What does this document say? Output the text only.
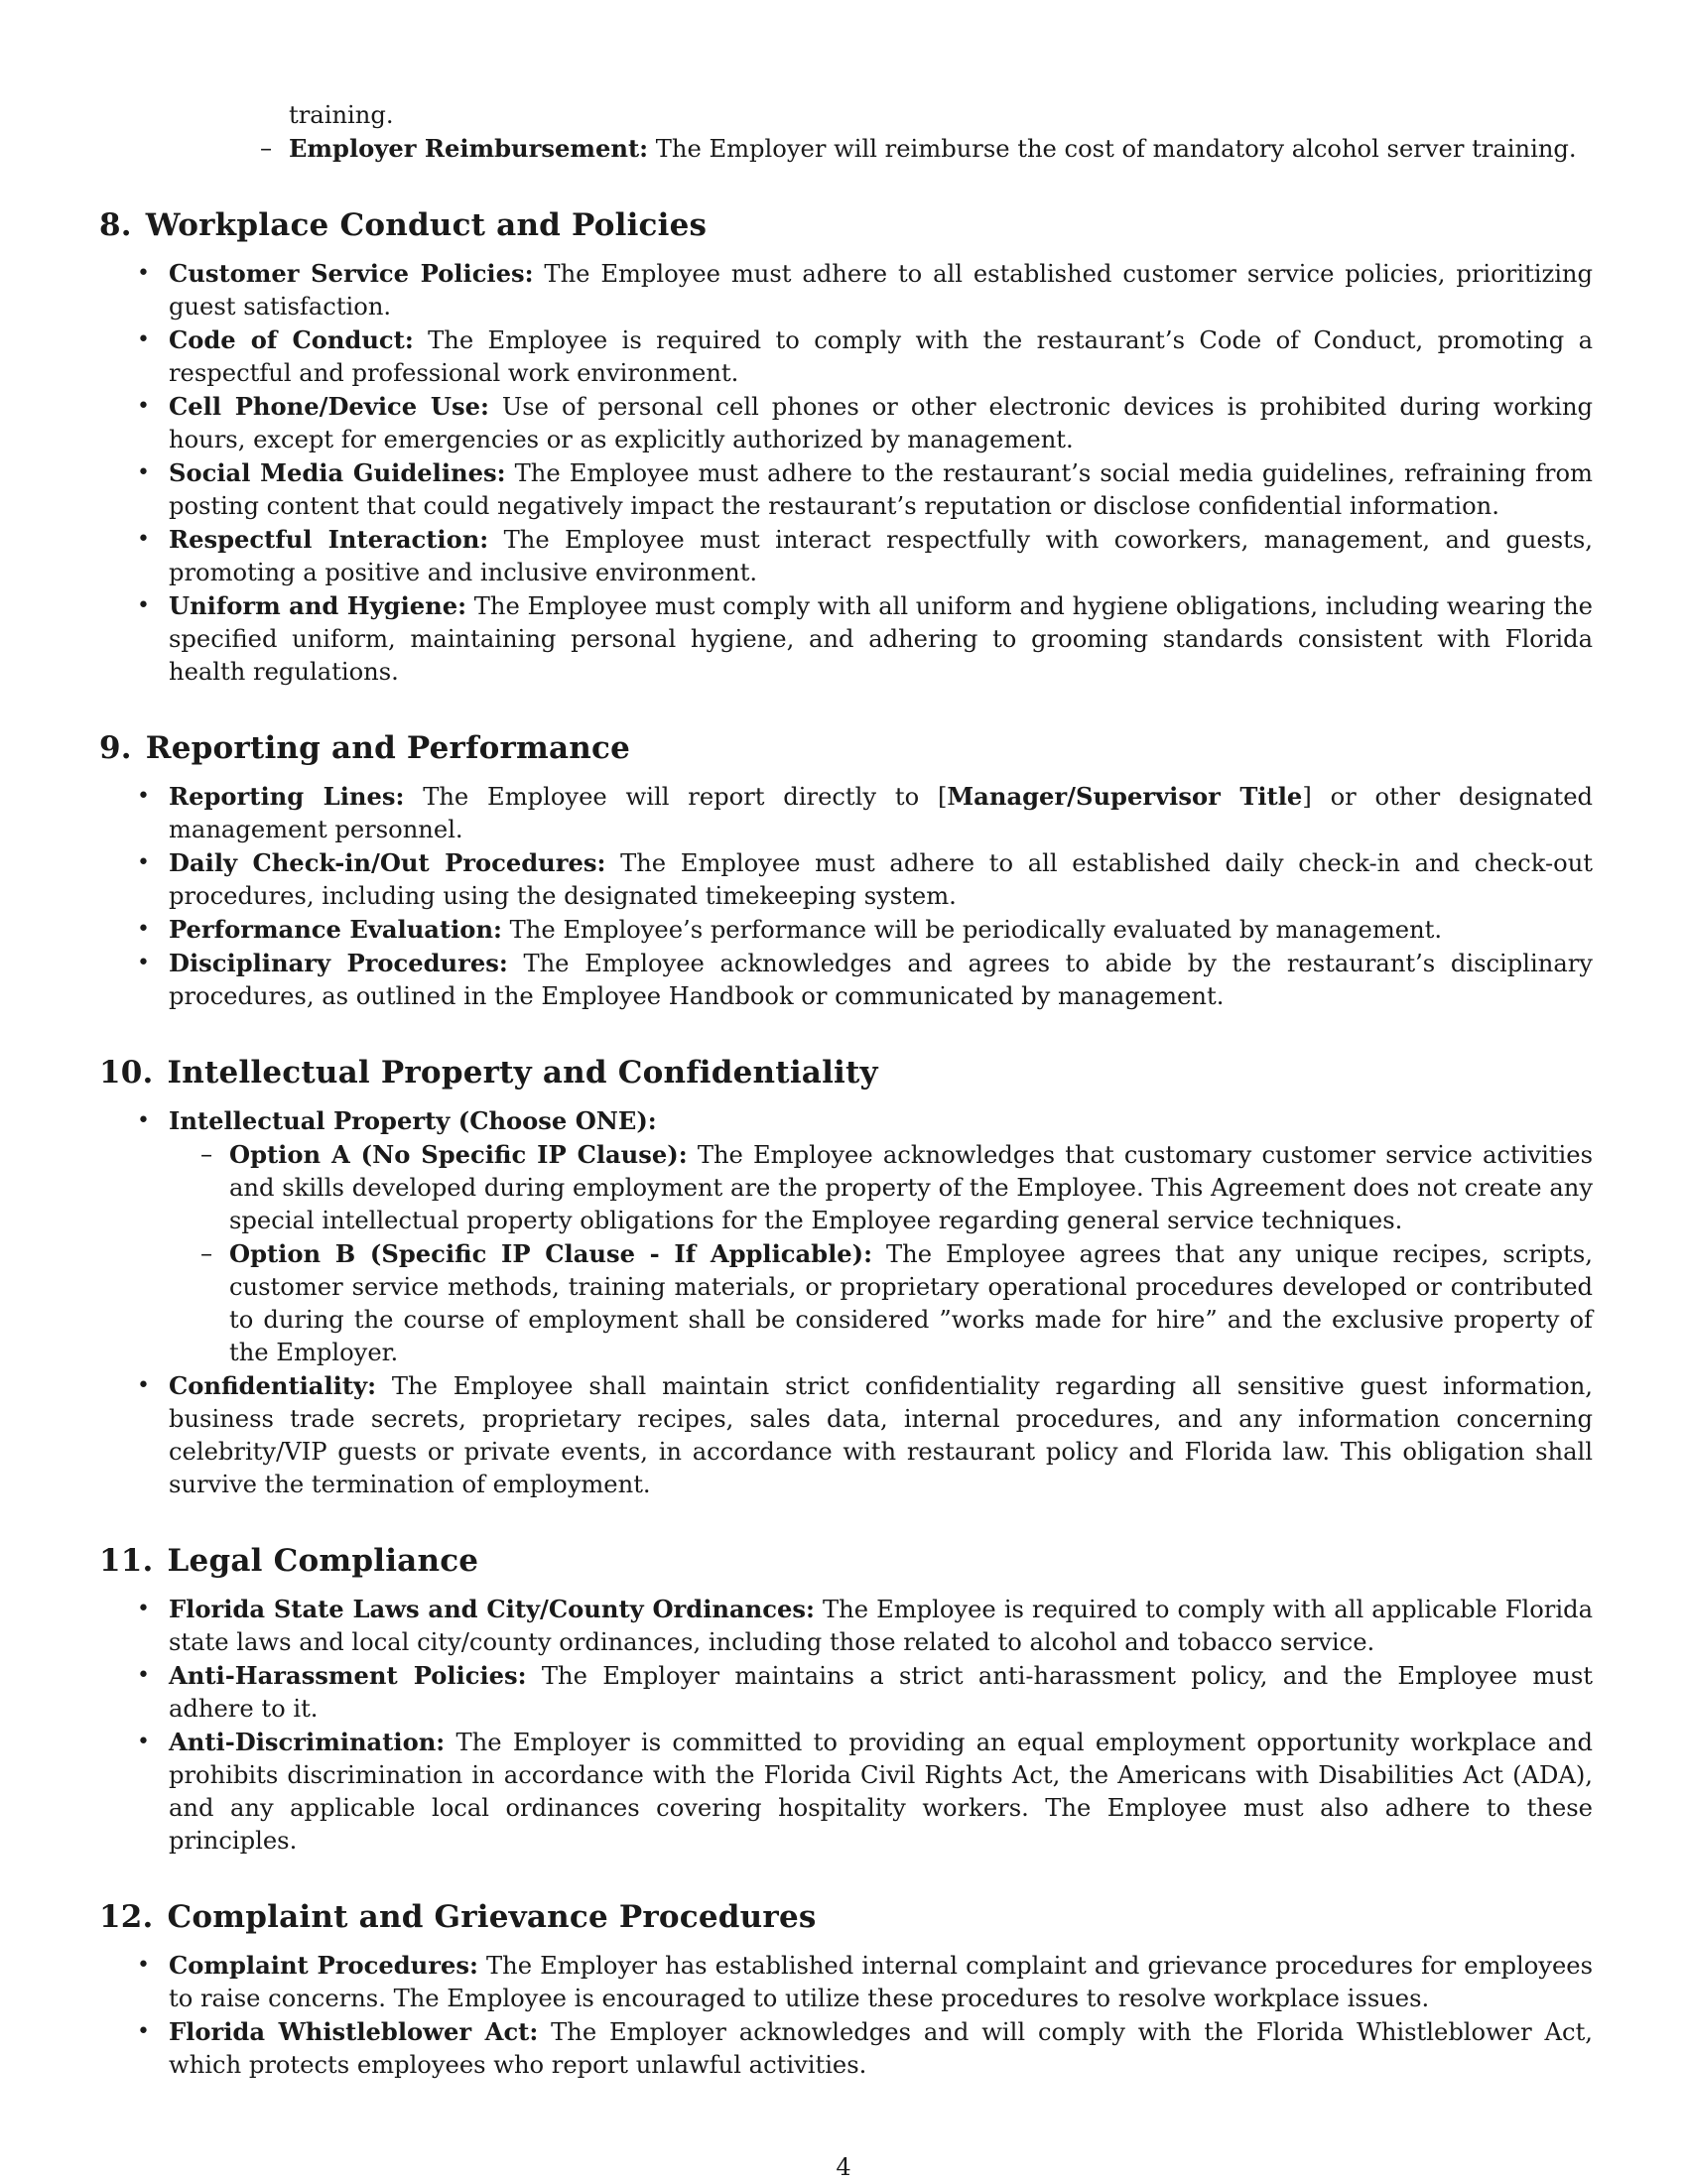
training.
– Employer Reimbursement: The Employer will reimburse the cost of mandatory alcohol server training.
8. Workplace Conduct and Policies
• Customer Service Policies: The Employee must adhere to all established customer service policies, prioritizing guest satisfaction.
• Code of Conduct: The Employee is required to comply with the restaurant’s Code of Conduct, promoting a respectful and professional work environment.
• Cell Phone/Device Use: Use of personal cell phones or other electronic devices is prohibited during working hours, except for emergencies or as explicitly authorized by management.
• Social Media Guidelines: The Employee must adhere to the restaurant’s social media guidelines, refraining from posting content that could negatively impact the restaurant’s reputation or disclose confidential information.
• Respectful Interaction: The Employee must interact respectfully with coworkers, management, and guests, promoting a positive and inclusive environment.
• Uniform and Hygiene: The Employee must comply with all uniform and hygiene obligations, including wearing the specified uniform, maintaining personal hygiene, and adhering to grooming standards consistent with Florida health regulations.
9. Reporting and Performance
• Reporting Lines: The Employee will report directly to [Manager/Supervisor Title] or other designated management personnel.
• Daily Check-in/Out Procedures: The Employee must adhere to all established daily check-in and check-out procedures, including using the designated timekeeping system.
• Performance Evaluation: The Employee’s performance will be periodically evaluated by management.
• Disciplinary Procedures: The Employee acknowledges and agrees to abide by the restaurant’s disciplinary procedures, as outlined in the Employee Handbook or communicated by management.
10. Intellectual Property and Confidentiality
• Intellectual Property (Choose ONE):
– Option A (No Specific IP Clause): The Employee acknowledges that customary customer service activities and skills developed during employment are the property of the Employee. This Agreement does not create any special intellectual property obligations for the Employee regarding general service techniques.
– Option B (Specific IP Clause - If Applicable): The Employee agrees that any unique recipes, scripts, customer service methods, training materials, or proprietary operational procedures developed or contributed to during the course of employment shall be considered ”works made for hire” and the exclusive property of the Employer.
• Confidentiality: The Employee shall maintain strict confidentiality regarding all sensitive guest information, business trade secrets, proprietary recipes, sales data, internal procedures, and any information concerning celebrity/VIP guests or private events, in accordance with restaurant policy and Florida law. This obligation shall survive the termination of employment.
11. Legal Compliance
• Florida State Laws and City/County Ordinances: The Employee is required to comply with all applicable Florida state laws and local city/county ordinances, including those related to alcohol and tobacco service.
• Anti-Harassment Policies: The Employer maintains a strict anti-harassment policy, and the Employee must adhere to it.
• Anti-Discrimination: The Employer is committed to providing an equal employment opportunity workplace and prohibits discrimination in accordance with the Florida Civil Rights Act, the Americans with Disabilities Act (ADA), and any applicable local ordinances covering hospitality workers. The Employee must also adhere to these principles.
12. Complaint and Grievance Procedures
• Complaint Procedures: The Employer has established internal complaint and grievance procedures for employees to raise concerns. The Employee is encouraged to utilize these procedures to resolve workplace issues.
• Florida Whistleblower Act: The Employer acknowledges and will comply with the Florida Whistleblower Act, which protects employees who report unlawful activities.
4
